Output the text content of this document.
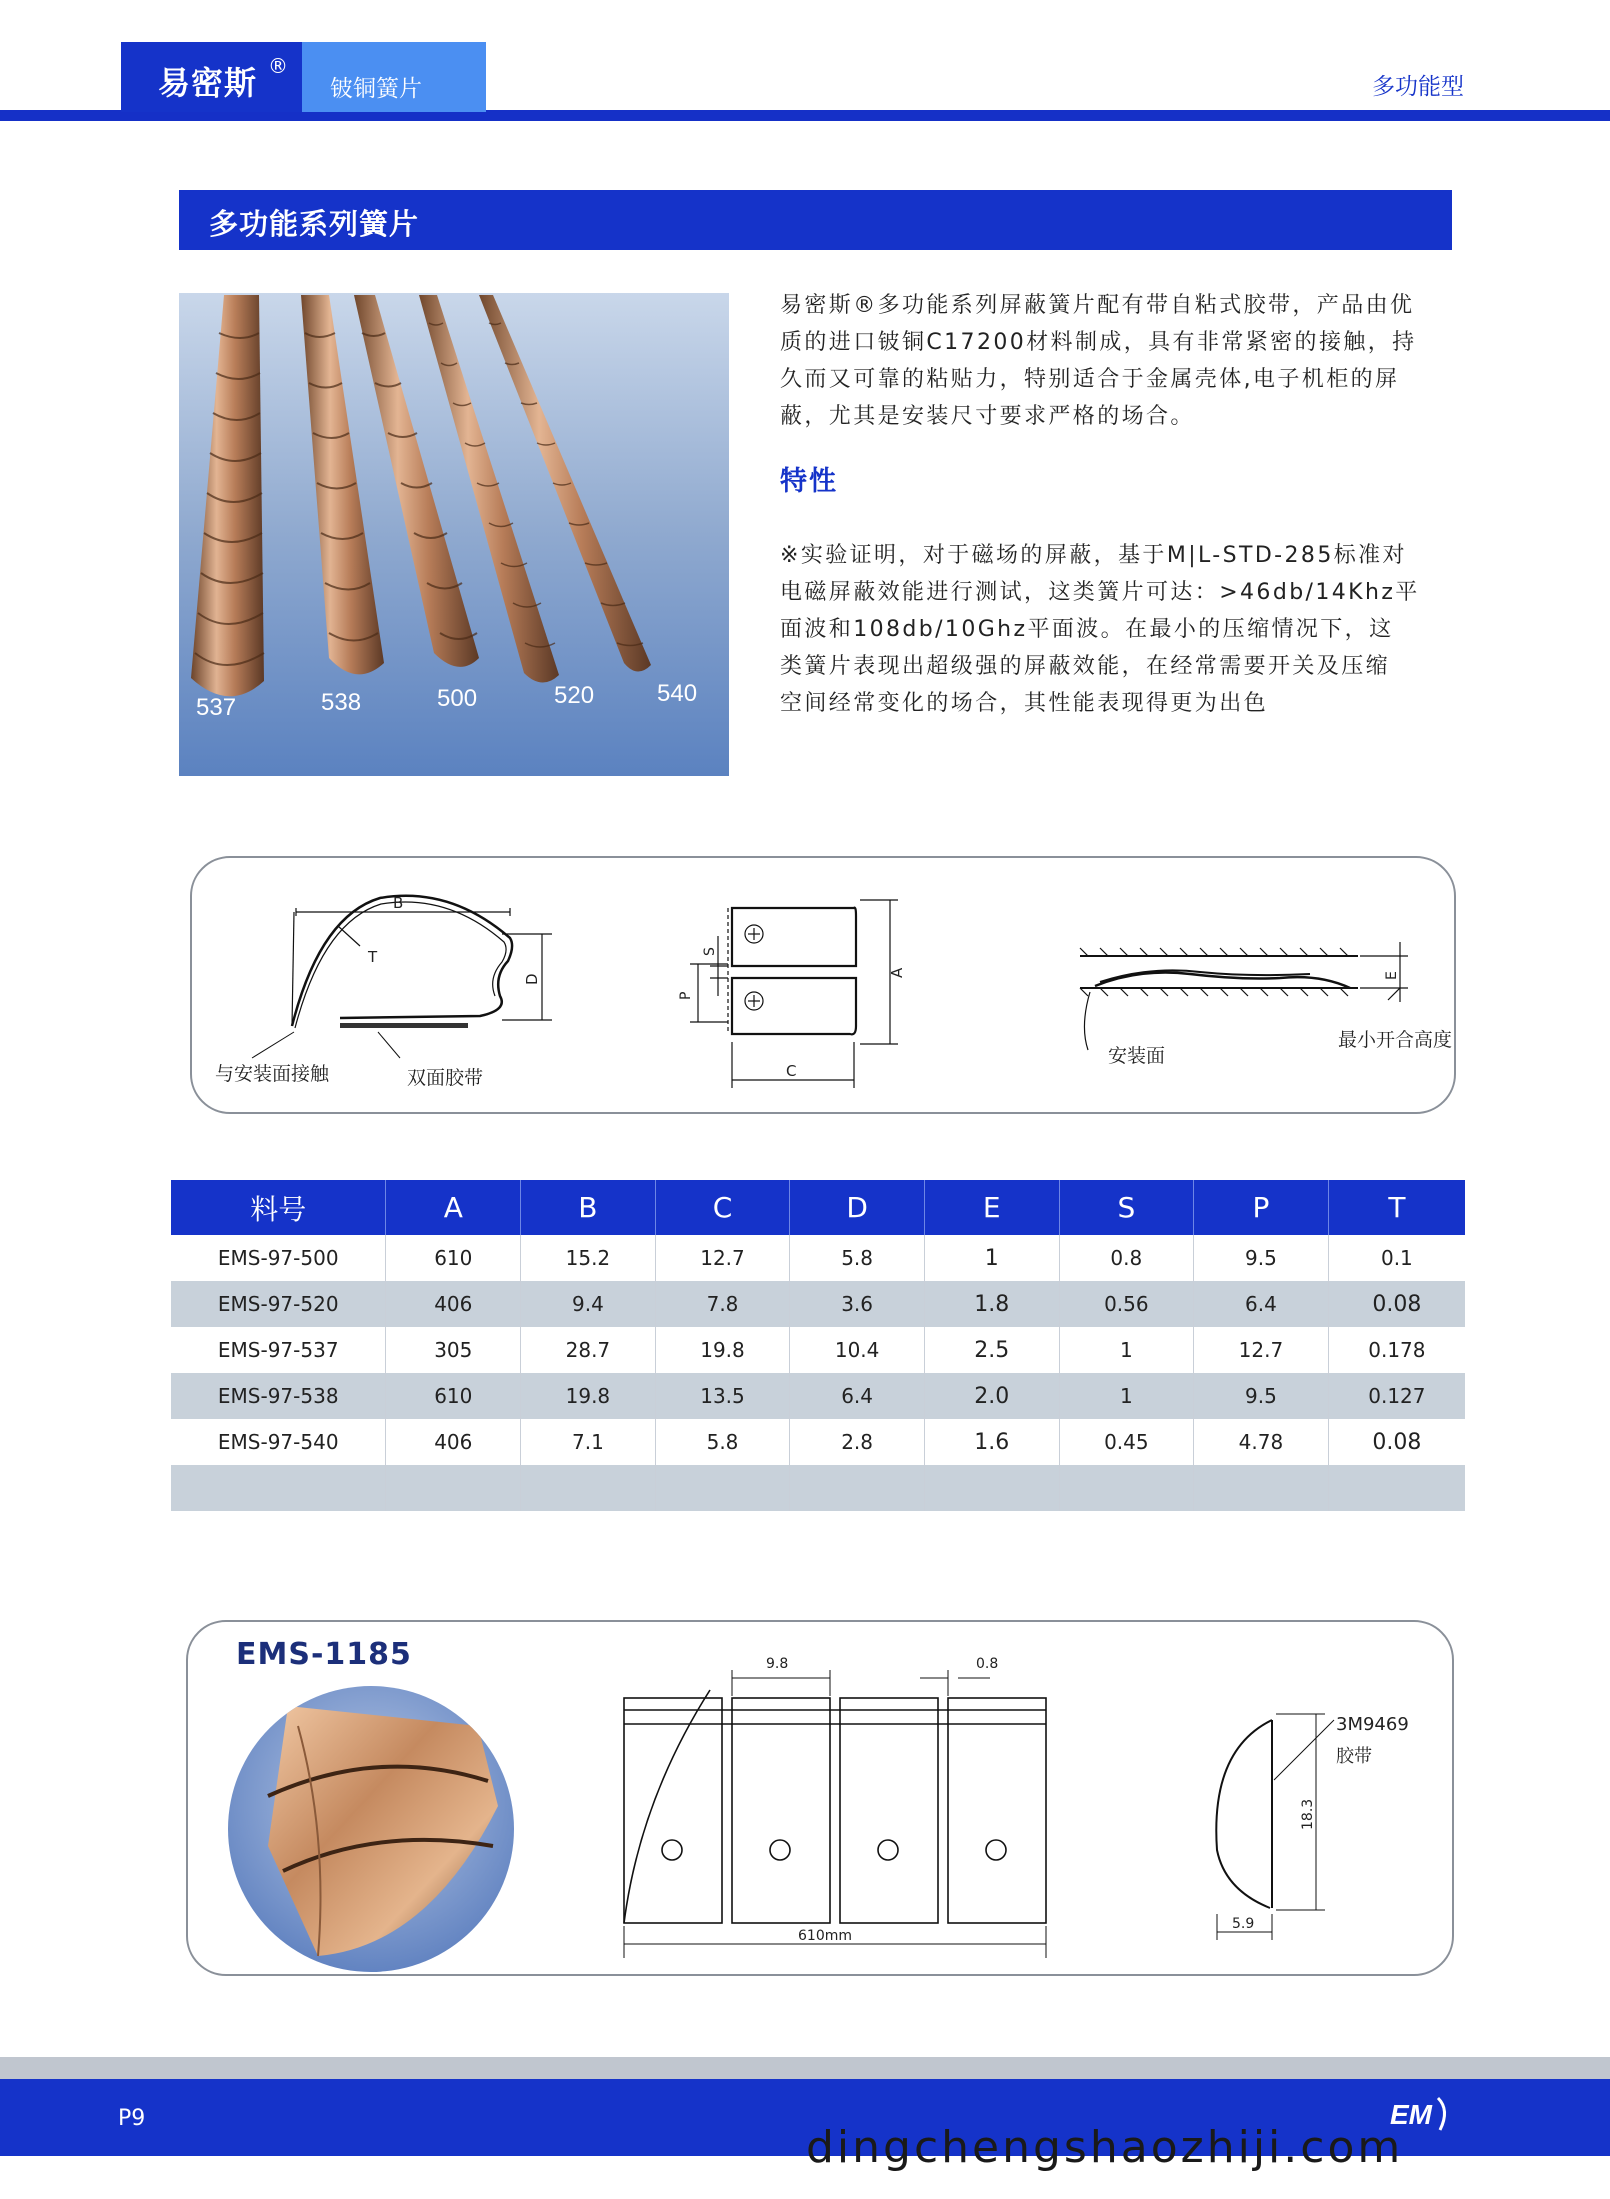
易密斯 ®
铍铜簧片	多功能型
多功能系列簧片
537	538	500	520	540
易密斯®多功能系列屏蔽簧片配有带自粘式胶带，产品由优
质的进口铍铜C17200材料制成，具有非常紧密的接触，持
久而又可靠的粘贴力，特别适合于金属壳体,电子机柜的屏
蔽，尤其是安装尺寸要求严格的场合。
特性
※实验证明，对于磁场的屏蔽，基于M|L-STD-285标准对
电磁屏蔽效能进行测试，这类簧片可达：>46db/14Khz平
面波和108db/10Ghz平面波。在最小的压缩情况下，这
类簧片表现出超级强的屏蔽效能，在经常需要开关及压缩
空间经常变化的场合，其性能表现得更为出色
B
T
D
与安装面接触	双面胶带
S
P
A
C
E
安装面
最小开合高度
料号	A	B	C	D	E	S	P	T
EMS-97-500	610	15.2	12.7	5.8	1	0.8	9.5	0.1
EMS-97-520	406	9.4	7.8	3.6	1.8	0.56	6.4	0.08
EMS-97-537	305	28.7	19.8	10.4	2.5	1	12.7	0.178
EMS-97-538	610	19.8	13.5	6.4	2.0	1	9.5	0.127
EMS-97-540	406	7.1	5.8	2.8	1.6	0.45	4.78	0.08

EMS-1185	9.8	0.8
610mm
3M9469
胶带
18.3
5.9
P9	EM
dingchengshaozhiji.com
